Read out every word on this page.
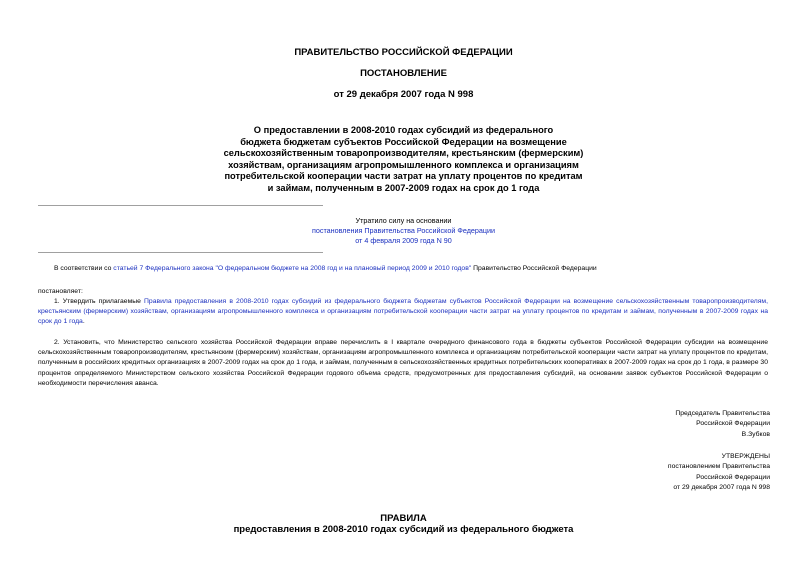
ПРАВИТЕЛЬСТВО РОССИЙСКОЙ ФЕДЕРАЦИИ
ПОСТАНОВЛЕНИЕ
от 29 декабря 2007 года N 998
О предоставлении в 2008-2010 годах субсидий из федерального
бюджета бюджетам субъектов Российской Федерации на возмещение
сельскохозяйственным товаропроизводителям, крестьянским (фермерским)
хозяйствам, организациям агропромышленного комплекса и организациям
потребительской кооперации части затрат на уплату процентов по кредитам
и займам, полученным в 2007-2009 годах на срок до 1 года
Утратило силу на основании
постановления Правительства Российской Федерации
от 4 февраля 2009 года N 90
В соответствии со статьей 7 Федерального закона "О федеральном бюджете на 2008 год и на плановый период 2009 и 2010 годов" Правительство Российской Федерации
постановляет:
1. Утвердить прилагаемые Правила предоставления в 2008-2010 годах субсидий из федерального бюджета бюджетам субъектов Российской Федерации на возмещение сельскохозяйственным товаропроизводителям, крестьянским (фермерским) хозяйствам, организациям агропромышленного комплекса и организациям потребительской кооперации части затрат на уплату процентов по кредитам и займам, полученным в 2007-2009 годах на срок до 1 года.
2. Установить, что Министерство сельского хозяйства Российской Федерации вправе перечислить в I квартале очередного финансового года в бюджеты субъектов Российской Федерации субсидии на возмещение сельскохозяйственным товаропроизводителям, крестьянским (фермерским) хозяйствам, организациям агропромышленного комплекса и организациям потребительской кооперации части затрат на уплату процентов по кредитам, полученным в российских кредитных организациях в 2007-2009 годах на срок до 1 года, и займам, полученным в сельскохозяйственных кредитных потребительских кооперативах в 2007-2009 годах на срок до 1 года, в размере 30 процентов определяемого Министерством сельского хозяйства Российской Федерации годового объема средств, предусмотренных для предоставления субсидий, на основании заявок субъектов Российской Федерации о необходимости перечисления аванса.
Председатель Правительства
Российской Федерации
В.Зубков
УТВЕРЖДЕНЫ
постановлением Правительства
Российской Федерации
от 29 декабря 2007 года N 998
ПРАВИЛА
предоставления в 2008-2010 годах субсидий из федерального бюджета
